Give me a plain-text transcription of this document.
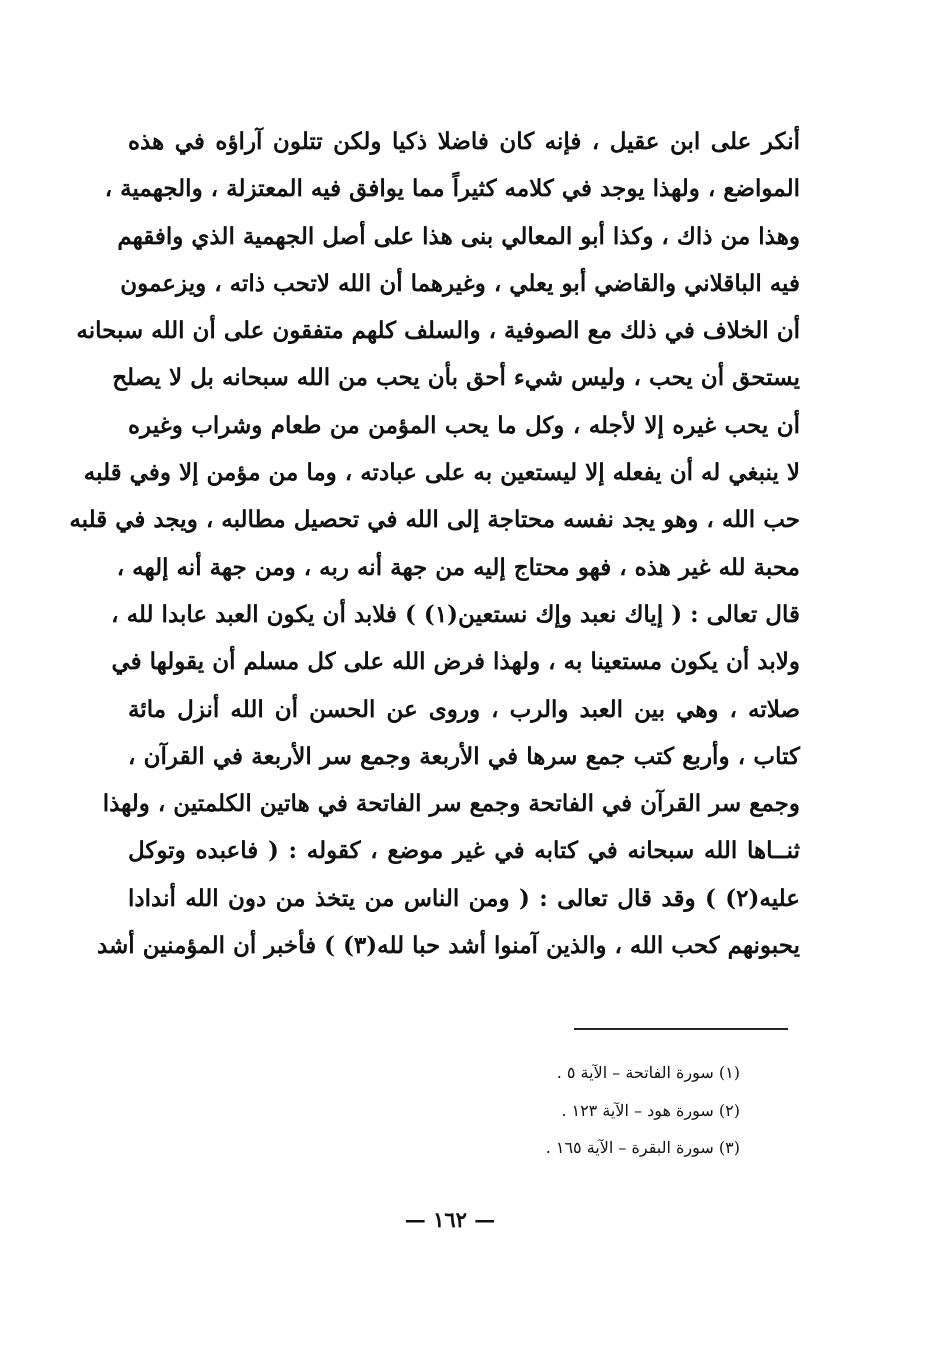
أنكر على ابن عقيل ، فإنه كان فاضلا ذكيا ولكن تتلون آراؤه في هذه
المواضع ، ولهذا يوجد في كلامه كثيراً مما يوافق فيه المعتزلة ، والجهمية ،
وهذا من ذاك ، وكذا أبو المعالي بنى هذا على أصل الجهمية الذي وافقهم
فيه الباقلاني والقاضي أبو يعلي ، وغيرهما أن الله لاتحب ذاته ، ويزعمون
أن الخلاف في ذلك مع الصوفية ، والسلف كلهم متفقون على أن الله سبحانه
يستحق أن يحب ، وليس شيء أحق بأن يحب من الله سبحانه بل لا يصلح
أن يحب غيره إلا لأجله ، وكل ما يحب المؤمن من طعام وشراب وغيره
لا ينبغي له أن يفعله إلا ليستعين به على عبادته ، وما من مؤمن إلا وفي قلبه
حب الله ، وهو يجد نفسه محتاجة إلى الله في تحصيل مطالبه ، ويجد في قلبه
محبة لله غير هذه ، فهو محتاج إليه من جهة أنه ربه ، ومن جهة أنه إلهه ،
قال تعالى : ( إياك نعبد وإك نستعين(١) ) فلابد أن يكون العبد عابدا لله ،
ولابد أن يكون مستعينا به ، ولهذا فرض الله على كل مسلم أن يقولها في
صلاته ، وهي بين العبد والرب ، وروى عن الحسن أن الله أنزل مائة
كتاب ، وأربع كتب جمع سرها في الأربعة وجمع سر الأربعة في القرآن ،
وجمع سر القرآن في الفاتحة وجمع سر الفاتحة في هاتين الكلمتين ، ولهذا
ثنــاها الله سبحانه في كتابه في غير موضع ، كقوله : ( فاعبده وتوكل
عليه(٢) ) وقد قال تعالى : ( ومن الناس من يتخذ من دون الله أندادا
يحبونهم كحب الله ، والذين آمنوا أشد حبا لله(٣) ) فأخبر أن المؤمنين أشد
(١) سورة الفاتحة – الآية ٥ .
(٢) سورة هود – الآية ١٢٣ .
(٣) سورة البقرة – الآية ١٦٥ .
— ١٦٢ —
